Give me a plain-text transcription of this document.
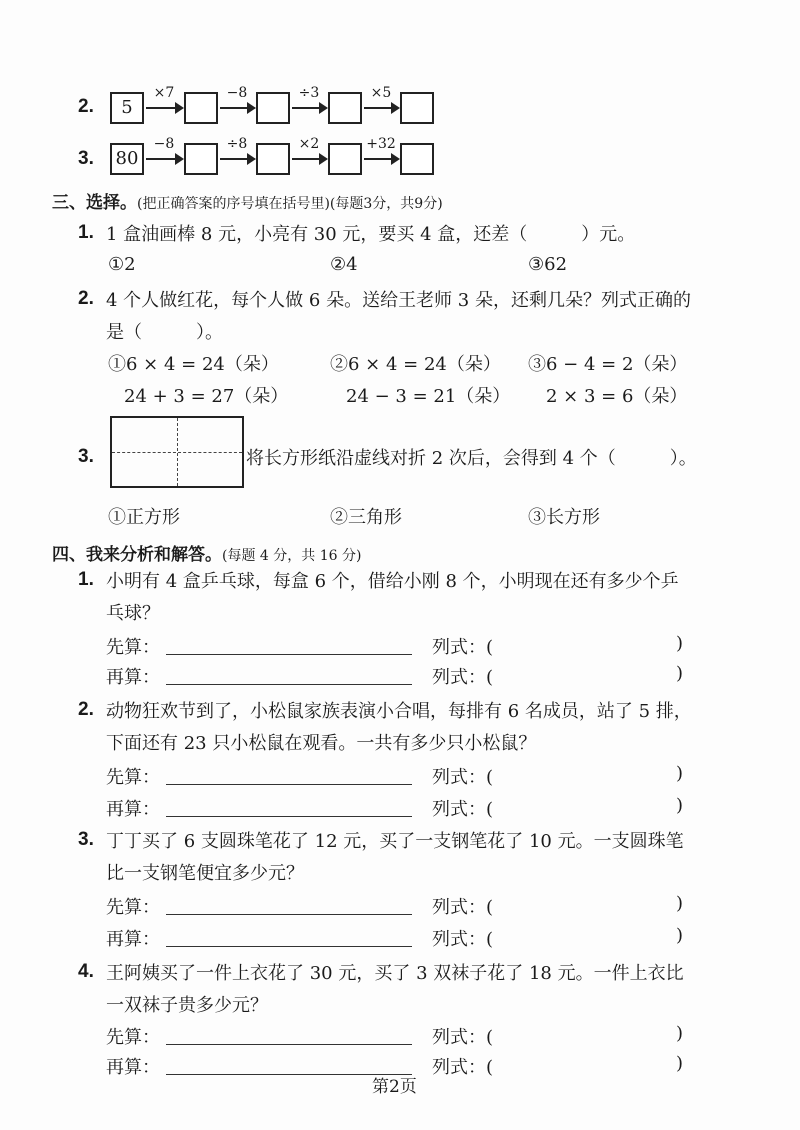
2.	5
×7	−8	÷3	×5
3.	80
−8	÷8	×2	+32
三、选择。(把正确答案的序号填在括号里)(每题3分，共9分)
1. 1 盒油画棒 8 元，小亮有 30 元，要买 4 盒，还差（　　　）元。
①2	②4	③62
2. 4 个人做红花，每个人做 6 朵。送给王老师 3 朵，还剩几朵？列式正确的
是（　　　）。
①6 × 4 = 24（朵）
24 + 3 = 27（朵）
②6 × 4 = 24（朵）
24 − 3 = 21（朵）
③6 − 4 = 2（朵）
2 × 3 = 6（朵）
3.	将长方形纸沿虚线对折 2 次后，会得到 4 个（　　　）。
①正方形	②三角形	③长方形
四、我来分析和解答。(每题 4 分，共 16 分)
1. 小明有 4 盒乒乓球，每盒 6 个，借给小刚 8 个，小明现在还有多少个乒
乓球？
先算：	列式：(	)
再算：	列式：(	)
2. 动物狂欢节到了，小松鼠家族表演小合唱，每排有 6 名成员，站了 5 排，
下面还有 23 只小松鼠在观看。一共有多少只小松鼠？
先算：	列式：(	)
再算：	列式：(	)
3. 丁丁买了 6 支圆珠笔花了 12 元，买了一支钢笔花了 10 元。一支圆珠笔
比一支钢笔便宜多少元？
先算：	列式：(	)
再算：	列式：(	)
4. 王阿姨买了一件上衣花了 30 元，买了 3 双袜子花了 18 元。一件上衣比
一双袜子贵多少元？
先算：	列式：(	)
再算：	列式：(	)
第2页
